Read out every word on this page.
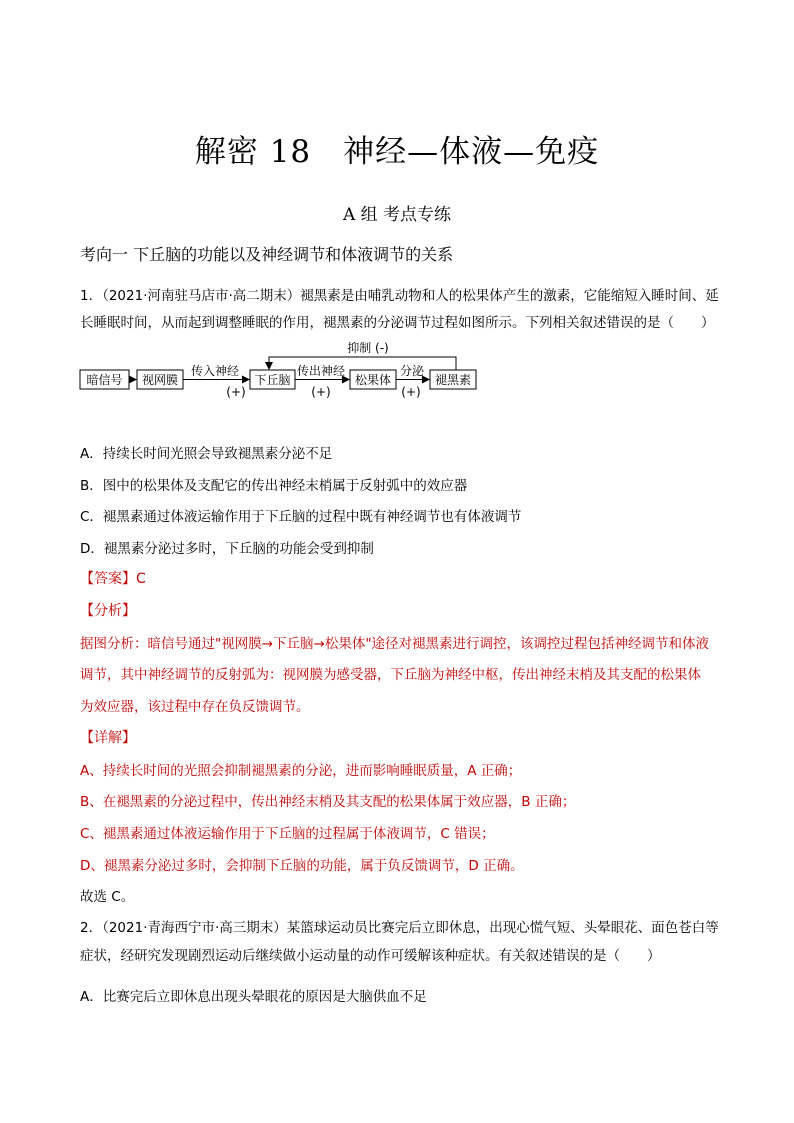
解密 18　神经—体液—免疫
A 组 考点专练
考向一 下丘脑的功能以及神经调节和体液调节的关系
1．（2021·河南驻马店市·高二期末）褪黑素是由哺乳动物和人的松果体产生的激素，它能缩短入睡时间、延
长睡眠时间，从而起到调整睡眠的作用，褪黑素的分泌调节过程如图所示。下列相关叙述错误的是（　　）
暗信号 视网膜	下丘脑	松果体	褪黑素
抑制 (-)
传入神经	传出神经	分泌
(+)	(+)	(+)
A．持续长时间光照会导致褪黑素分泌不足
B．图中的松果体及支配它的传出神经末梢属于反射弧中的效应器
C．褪黑素通过体液运输作用于下丘脑的过程中既有神经调节也有体液调节
D．褪黑素分泌过多时，下丘脑的功能会受到抑制
【答案】C
【分析】
据图分析：暗信号通过"视网膜→下丘脑→松果体"途径对褪黑素进行调控，该调控过程包括神经调节和体液
调节，其中神经调节的反射弧为：视网膜为感受器，下丘脑为神经中枢，传出神经末梢及其支配的松果体
为效应器，该过程中存在负反馈调节。
【详解】
A、持续长时间的光照会抑制褪黑素的分泌，进而影响睡眠质量，A 正确；
B、在褪黑素的分泌过程中，传出神经末梢及其支配的松果体属于效应器，B 正确；
C、褪黑素通过体液运输作用于下丘脑的过程属于体液调节，C 错误；
D、褪黑素分泌过多时，会抑制下丘脑的功能，属于负反馈调节，D 正确。
故选 C。
2．（2021·青海西宁市·高三期末）某篮球运动员比赛完后立即休息，出现心慌气短、头晕眼花、面色苍白等
症状，经研究发现剧烈运动后继续做小运动量的动作可缓解该种症状。有关叙述错误的是（　　）
A．比赛完后立即休息出现头晕眼花的原因是大脑供血不足
